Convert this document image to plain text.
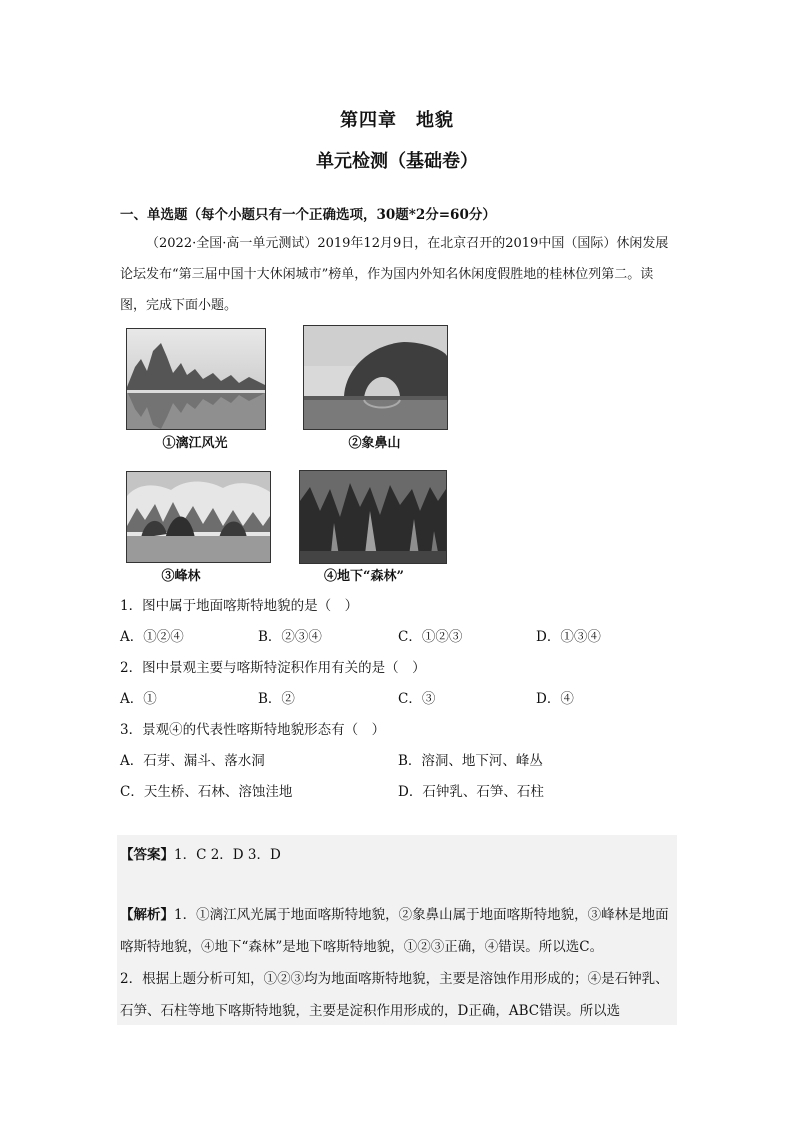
第四章　地貌
单元检测（基础卷）
一、单选题（每个小题只有一个正确选项，30题*2分=60分）
（2022·全国·高一单元测试）2019年12月9日，在北京召开的2019中国（国际）休闲发展论坛发布“第三届中国十大休闲城市”榜单，作为国内外知名休闲度假胜地的桂林位列第二。读图，完成下面小题。
①漓江风光	②象鼻山
③峰林	④地下“森林”
1．图中属于地面喀斯特地貌的是（　）
A．①②④	B．②③④	C．①②③	D．①③④
2．图中景观主要与喀斯特淀积作用有关的是（　）
A．①	B．②	C．③	D．④
3．景观④的代表性喀斯特地貌形态有（　）
A．石芽、漏斗、落水洞	B．溶洞、地下河、峰丛
C．天生桥、石林、溶蚀洼地	D．石钟乳、石笋、石柱
【答案】1．C 2．D 3．D
【解析】1．①漓江风光属于地面喀斯特地貌，②象鼻山属于地面喀斯特地貌，③峰林是地面喀斯特地貌，④地下“森林”是地下喀斯特地貌，①②③正确，④错误。所以选C。
2．根据上题分析可知，①②③均为地面喀斯特地貌，主要是溶蚀作用形成的；④是石钟乳、石笋、石柱等地下喀斯特地貌，主要是淀积作用形成的，D正确，ABC错误。所以选
